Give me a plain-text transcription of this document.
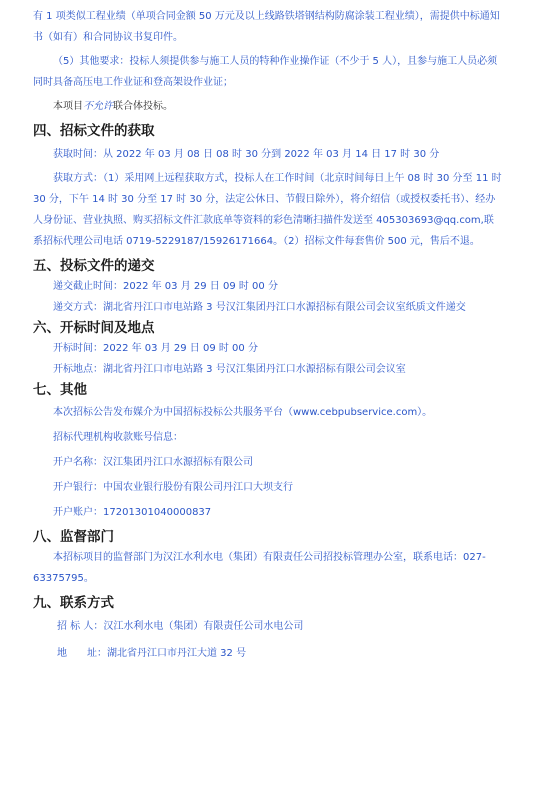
有 1 项类似工程业绩（单项合同金额 50 万元及以上线路铁塔钢结构防腐涂装工程业绩），需提供中标通知书（如有）和合同协议书复印件。

（5）其他要求：投标人须提供参与施工人员的特种作业操作证（不少于 5 人），且参与施工人员必须同时具备高压电工作业证和登高架设作业证；

本项目不允许联合体投标。

四、招标文件的获取

获取时间：从 2022 年 03 月 08 日 08 时 30 分到 2022 年 03 月 14 日 17 时 30 分

获取方式：（1）采用网上远程获取方式，投标人在工作时间（北京时间每日上午 08 时 30 分至 11 时 30 分，下午 14 时 30 分至 17 时 30 分，法定公休日、节假日除外），将介绍信（或授权委托书）、经办人身份证、营业执照、购买招标文件汇款底单等资料的彩色清晰扫描件发送至 405303693@qq.com,联系招标代理公司电话 0719-5229187/15926171664。（2）招标文件每套售价 500 元，售后不退。

五、投标文件的递交

递交截止时间：2022 年 03 月 29 日 09 时 00 分

递交方式：湖北省丹江口市电站路 3 号汉江集团丹江口水源招标有限公司会议室纸质文件递交

六、开标时间及地点

开标时间：2022 年 03 月 29 日 09 时 00 分

开标地点：湖北省丹江口市电站路 3 号汉江集团丹江口水源招标有限公司会议室

七、其他

本次招标公告发布媒介为中国招标投标公共服务平台（www.cebpubservice.com）。

招标代理机构收款账号信息：

开户名称：汉江集团丹江口水源招标有限公司

开户银行：中国农业银行股份有限公司丹江口大坝支行

开户账户：17201301040000837

八、监督部门

本招标项目的监督部门为汉江水利水电（集团）有限责任公司招投标管理办公室，联系电话：027-63375795。

九、联系方式

招 标 人：汉江水利水电（集团）有限责任公司水电公司

地　　址：湖北省丹江口市丹江大道 32 号
